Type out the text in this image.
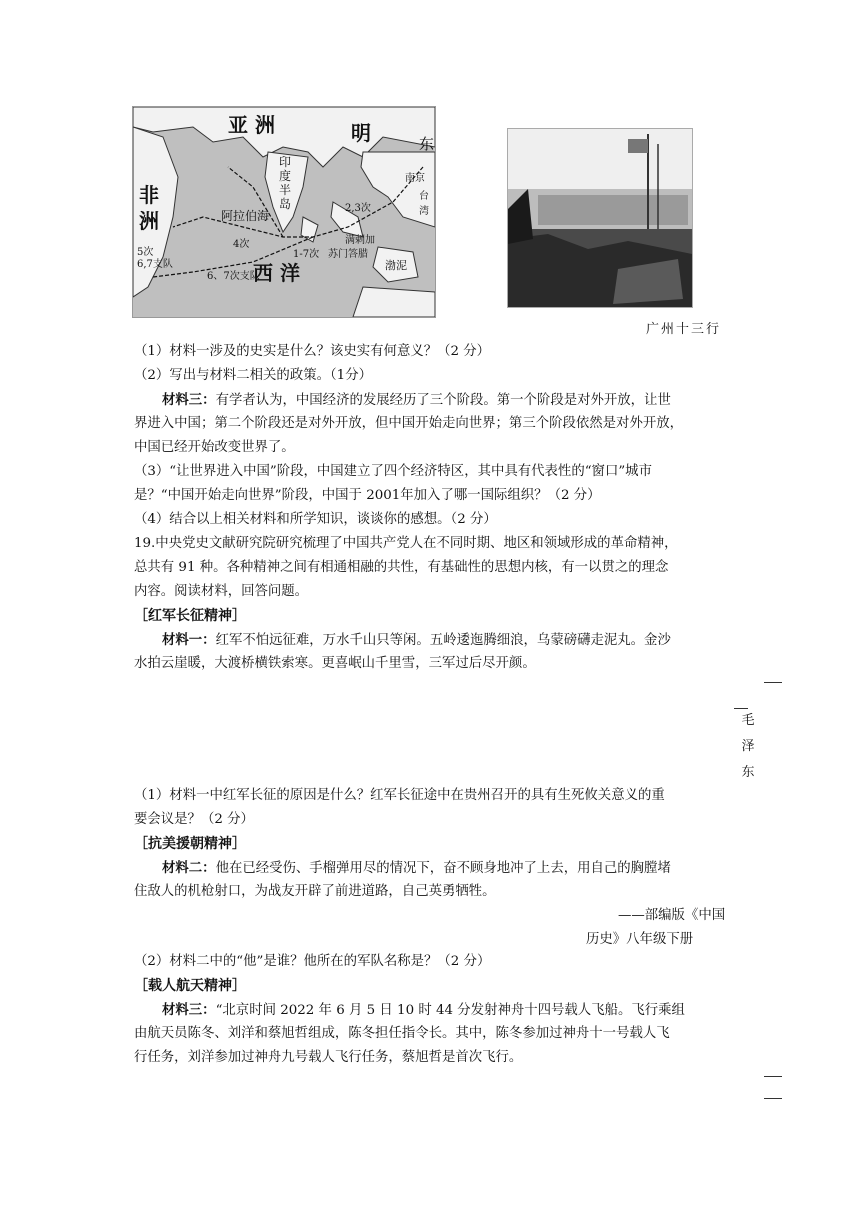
亚 洲	明	东
印
度
半
岛
非
洲	阿拉伯海
西 洋
5次
6,7支队
6、7次支队
2,3次
1-7次
4次
苏门答腊
南京
台湾
渤泥
满剌加
广州十三行
（1）材料一涉及的史实是什么？该史实有何意义？（2 分）
（2）写出与材料二相关的政策。（1分）
材料三：有学者认为，中国经济的发展经历了三个阶段。第一个阶段是对外开放，让世
界进入中国；第二个阶段还是对外开放，但中国开始走向世界；第三个阶段依然是对外开放，
中国已经开始改变世界了。
（3）“让世界进入中国”阶段，中国建立了四个经济特区，其中具有代表性的“窗口”城市
是？“中国开始走向世界”阶段，中国于 2001年加入了哪一国际组织？（2 分）
（4）结合以上相关材料和所学知识，谈谈你的感想。（2 分）
19.中央党史文献研究院研究梳理了中国共产党人在不同时期、地区和领域形成的革命精神，
总共有 91 种。各种精神之间有相通相融的共性，有基础性的思想内核，有一以贯之的理念
内容。阅读材料，回答问题。
［红军长征精神］
材料一：红军不怕远征难，万水千山只等闲。五岭逶迤腾细浪，乌蒙磅礴走泥丸。金沙
水拍云崖暖，大渡桥横铁索寒。更喜岷山千里雪，三军过后尽开颜。
毛
泽
东
（1）材料一中红军长征的原因是什么？红军长征途中在贵州召开的具有生死攸关意义的重
要会议是？（2 分）
［抗美援朝精神］
材料二：他在已经受伤、手榴弹用尽的情况下，奋不顾身地冲了上去，用自己的胸膛堵
住敌人的机枪射口，为战友开辟了前进道路，自己英勇牺牲。
——部编版《中国
历史》八年级下册
（2）材料二中的“他”是谁？他所在的军队名称是？（2 分）
［载人航天精神］
材料三：“北京时间 2022 年 6 月 5 日 10 时 44 分发射神舟十四号载人飞船。飞行乘组
由航天员陈冬、刘洋和蔡旭哲组成，陈冬担任指令长。其中，陈冬参加过神舟十一号载人飞
行任务，刘洋参加过神舟九号载人飞行任务，蔡旭哲是首次飞行。
